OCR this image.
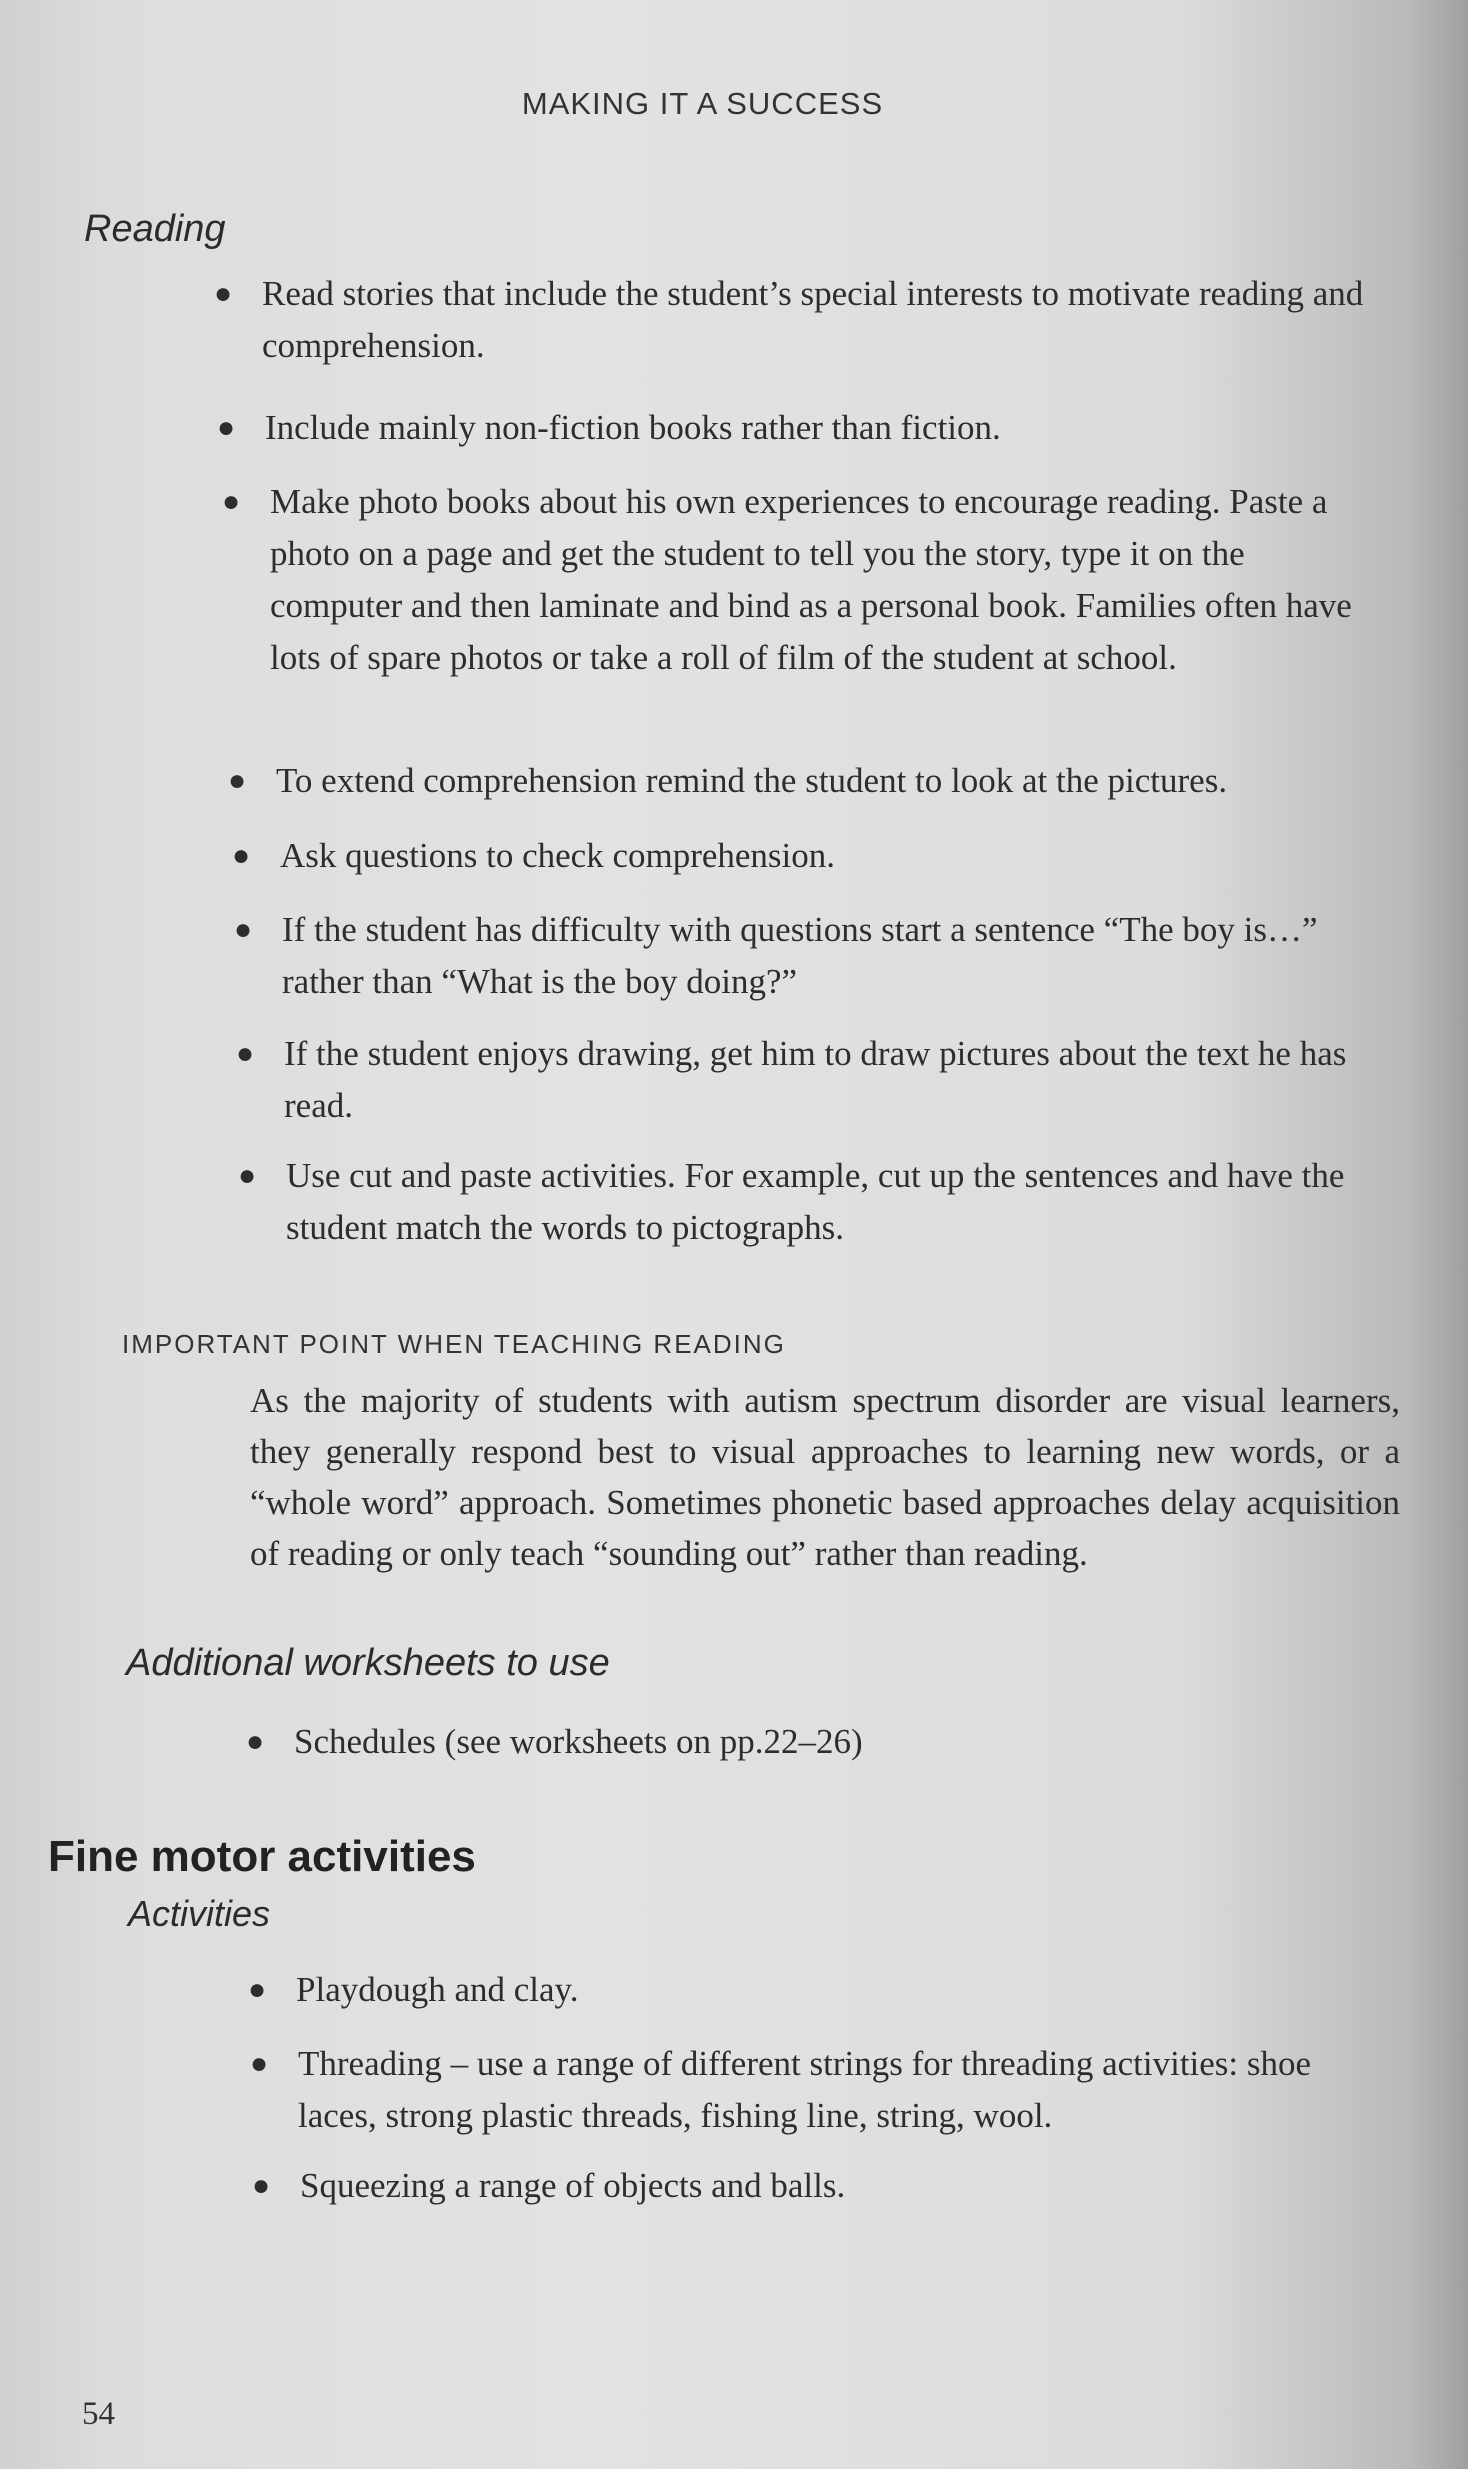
MAKING IT A SUCCESS
Reading
● Read stories that include the student’s special interests to motivate reading and comprehension.
● Include mainly non-fiction books rather than fiction.
● Make photo books about his own experiences to encourage reading. Paste a photo on a page and get the student to tell you the story, type it on the computer and then laminate and bind as a personal book. Families often have lots of spare photos or take a roll of film of the student at school.
● To extend comprehension remind the student to look at the pictures.
● Ask questions to check comprehension.
● If the student has difficulty with questions start a sentence “The boy is…” rather than “What is the boy doing?”
● If the student enjoys drawing, get him to draw pictures about the text he has read.
● Use cut and paste activities. For example, cut up the sentences and have the student match the words to pictographs.
IMPORTANT POINT WHEN TEACHING READING
As the majority of students with autism spectrum disorder are visual learners, they generally respond best to visual approaches to learning new words, or a “whole word” approach. Sometimes phonetic based approaches delay acquisition of reading or only teach “sounding out” rather than reading.
Additional worksheets to use
● Schedules (see worksheets on pp.22–26)
Fine motor activities
Activities
● Playdough and clay.
● Threading – use a range of different strings for threading activities: shoe laces, strong plastic threads, fishing line, string, wool.
● Squeezing a range of objects and balls.
54
